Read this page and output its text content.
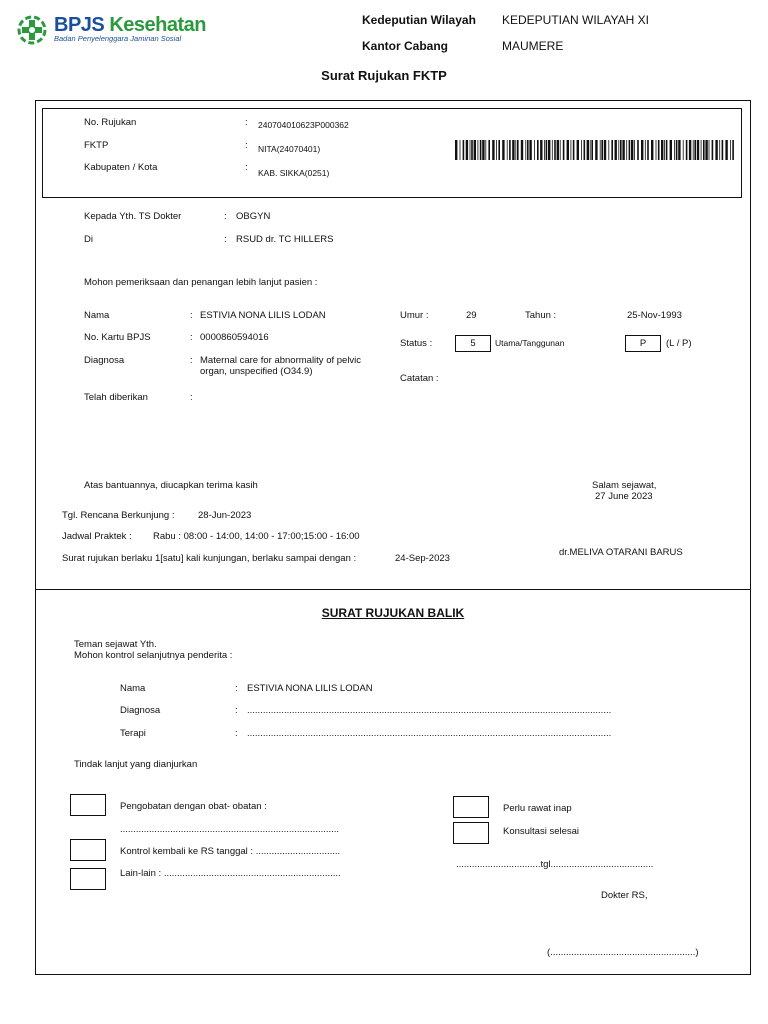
BPJS Kesehatan
Badan Penyelenggara Jaminan Sosial
Kedeputian Wilayah KEDEPUTIAN WILAYAH XI
Kantor Cabang	MAUMERE
Surat Rujukan FKTP
No. Rujukan	: 240704010623P000362
FKTP	: NITA(24070401)
Kabupaten / Kota	: KAB. SIKKA(0251)
Kepada Yth. TS Dokter	: OBGYN
Di	: RSUD dr. TC HILLERS
Mohon pemeriksaan dan penangan lebih lanjut pasien :
Nama	: ESTIVIA NONA LILIS LODAN
No. Kartu BPJS	: 0000860594016
Diagnosa	: Maternal care for abnormality of pelvic
organ, unspecified (O34.9)
Telah diberikan	:
Umur :	29	Tahun :	25-Nov-1993
Status :	5	Utama/Tanggunan	P	(L / P)
Catatan :
Atas bantuannya, diucapkan terima kasih	Salam sejawat,
27 June 2023
Tgl. Rencana Berkunjung : 28-Jun-2023
Jadwal Praktek : Rabu : 08:00 - 14:00, 14:00 - 17:00;15:00 - 16:00
Surat rujukan berlaku 1[satu] kali kunjungan, berlaku sampai dengan :	24-Sep-2023
dr.MELIVA OTARANI BARUS
SURAT RUJUKAN BALIK
Teman sejawat Yth.
Mohon kontrol selanjutnya penderita :
Nama	: ESTIVIA NONA LILIS LODAN
Diagnosa	: ..........................................................................................................................................
Terapi	: ..........................................................................................................................................
Tindak lanjut yang dianjurkan
Pengobatan dengan obat- obatan :
...................................................................................
Kontrol kembali ke RS tanggal : ................................
Lain-lain : ...................................................................
Perlu rawat inap
Konsultasi selesai
................................tgl.......................................
Dokter RS,
(.......................................................)
